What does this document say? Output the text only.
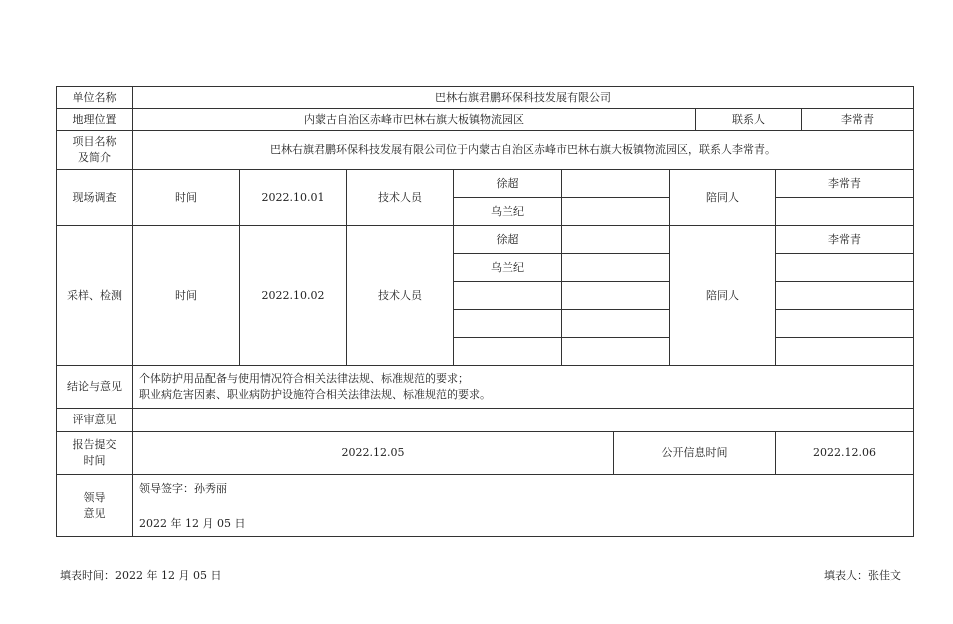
单位名称	巴林右旗君鹏环保科技发展有限公司									
地理位置	内蒙古自治区赤峰市巴林右旗大板镇物流园区							联系人		李常青

项目名称
及简介	巴林右旗君鹏环保科技发展有限公司位于内蒙古自治区赤峰市巴林右旗大板镇物流园区，联系人李常青。									
现场调查	时间	2022.10.01	技术人员	徐超			陪同人		李常青	
				乌兰纪						
采样、检测	时间	2022.10.02	技术人员	徐超			陪同人		李常青	
				乌兰纪						

结论与意见	个体防护用品配备与使用情况符合相关法律法规、标准规范的要求；
职业病危害因素、职业病防护设施符合相关法律法规、标准规范的要求。									

评审意见										

报告提交
时间	2022.12.05					公开信息时间			2022.12.06	

领导
意见	领导签字：孙秀丽
2022 年 12 月 05 日									
填表时间：2022 年 12 月 05 日	填表人：张佳文
